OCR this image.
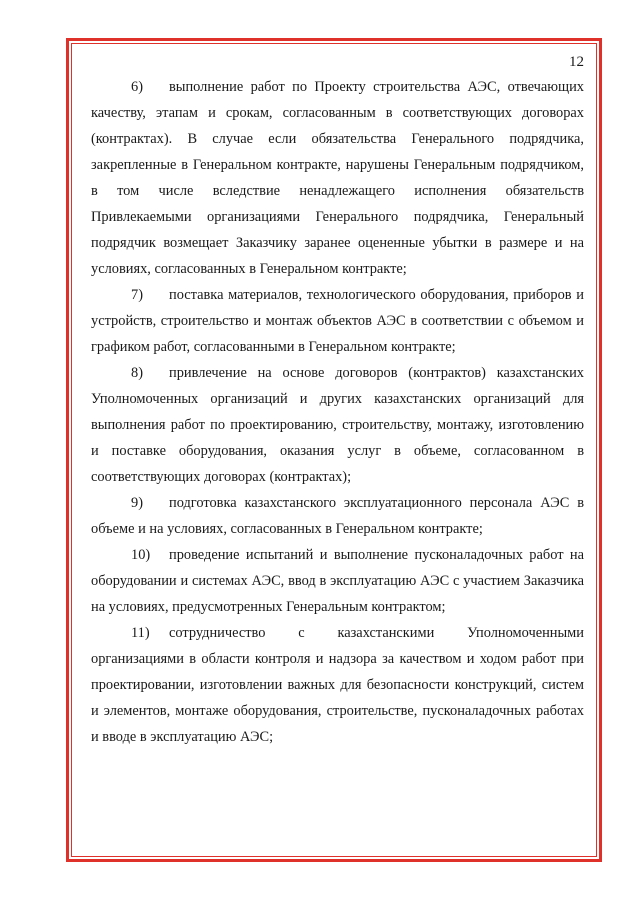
12

6) выполнение работ по Проекту строительства АЭС, отвечающих качеству, этапам и срокам, согласованным в соответствующих договорах (контрактах). В случае если обязательства Генерального подрядчика, закрепленные в Генеральном контракте, нарушены Генеральным подрядчиком, в том числе вследствие ненадлежащего исполнения обязательств Привлекаемыми организациями Генерального подрядчика, Генеральный подрядчик возмещает Заказчику заранее оцененные убытки в размере и на условиях, согласованных в Генеральном контракте;

7) поставка материалов, технологического оборудования, приборов и устройств, строительство и монтаж объектов АЭС в соответствии с объемом и графиком работ, согласованными в Генеральном контракте;

8) привлечение на основе договоров (контрактов) казахстанских Уполномоченных организаций и других казахстанских организаций для выполнения работ по проектированию, строительству, монтажу, изготовлению и поставке оборудования, оказания услуг в объеме, согласованном в соответствующих договорах (контрактах);

9) подготовка казахстанского эксплуатационного персонала АЭС в объеме и на условиях, согласованных в Генеральном контракте;

10) проведение испытаний и выполнение пусконаладочных работ на оборудовании и системах АЭС, ввод в эксплуатацию АЭС с участием Заказчика на условиях, предусмотренных Генеральным контрактом;

11) сотрудничество с казахстанскими Уполномоченными организациями в области контроля и надзора за качеством и ходом работ при проектировании, изготовлении важных для безопасности конструкций, систем и элементов, монтаже оборудования, строительстве, пусконаладочных работах и вводе в эксплуатацию АЭС;
